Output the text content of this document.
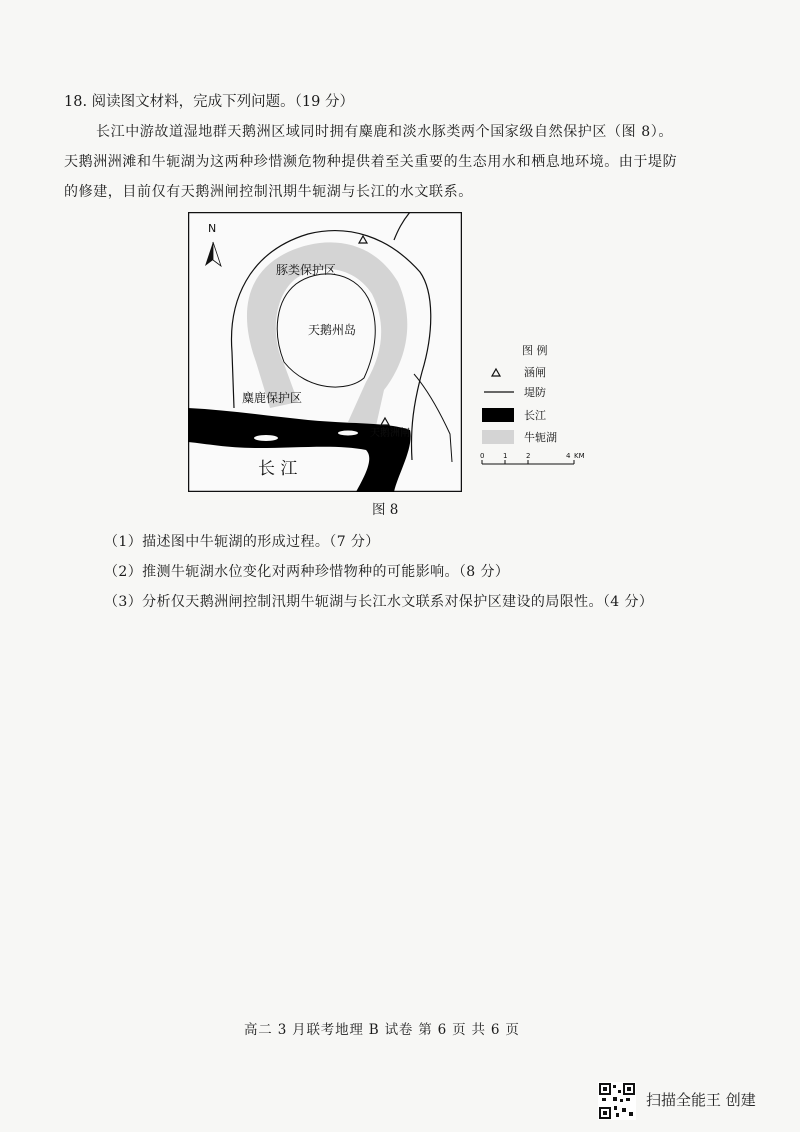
18. 阅读图文材料，完成下列问题。（19 分）
长江中游故道湿地群天鹅洲区域同时拥有麋鹿和淡水豚类两个国家级自然保护区（图 8）。
天鹅洲洲滩和牛轭湖为这两种珍惜濒危物种提供着至关重要的生态用水和栖息地环境。由于堤防
的修建，目前仅有天鹅洲闸控制汛期牛轭湖与长江的水文联系。
N
豚类保护区
天鹅州岛
麋鹿保护区
天鹅洲闸
长 江
图 例
涵闸
堤防
长江
牛轭湖
0	1	2	4 KM
图 8
（1）描述图中牛轭湖的形成过程。（7 分）
（2）推测牛轭湖水位变化对两种珍惜物种的可能影响。（8 分）
（3）分析仅天鹅洲闸控制汛期牛轭湖与长江水文联系对保护区建设的局限性。（4 分）
高二 3 月联考地理 B 试卷 第 6 页 共 6 页
扫描全能王 创建
